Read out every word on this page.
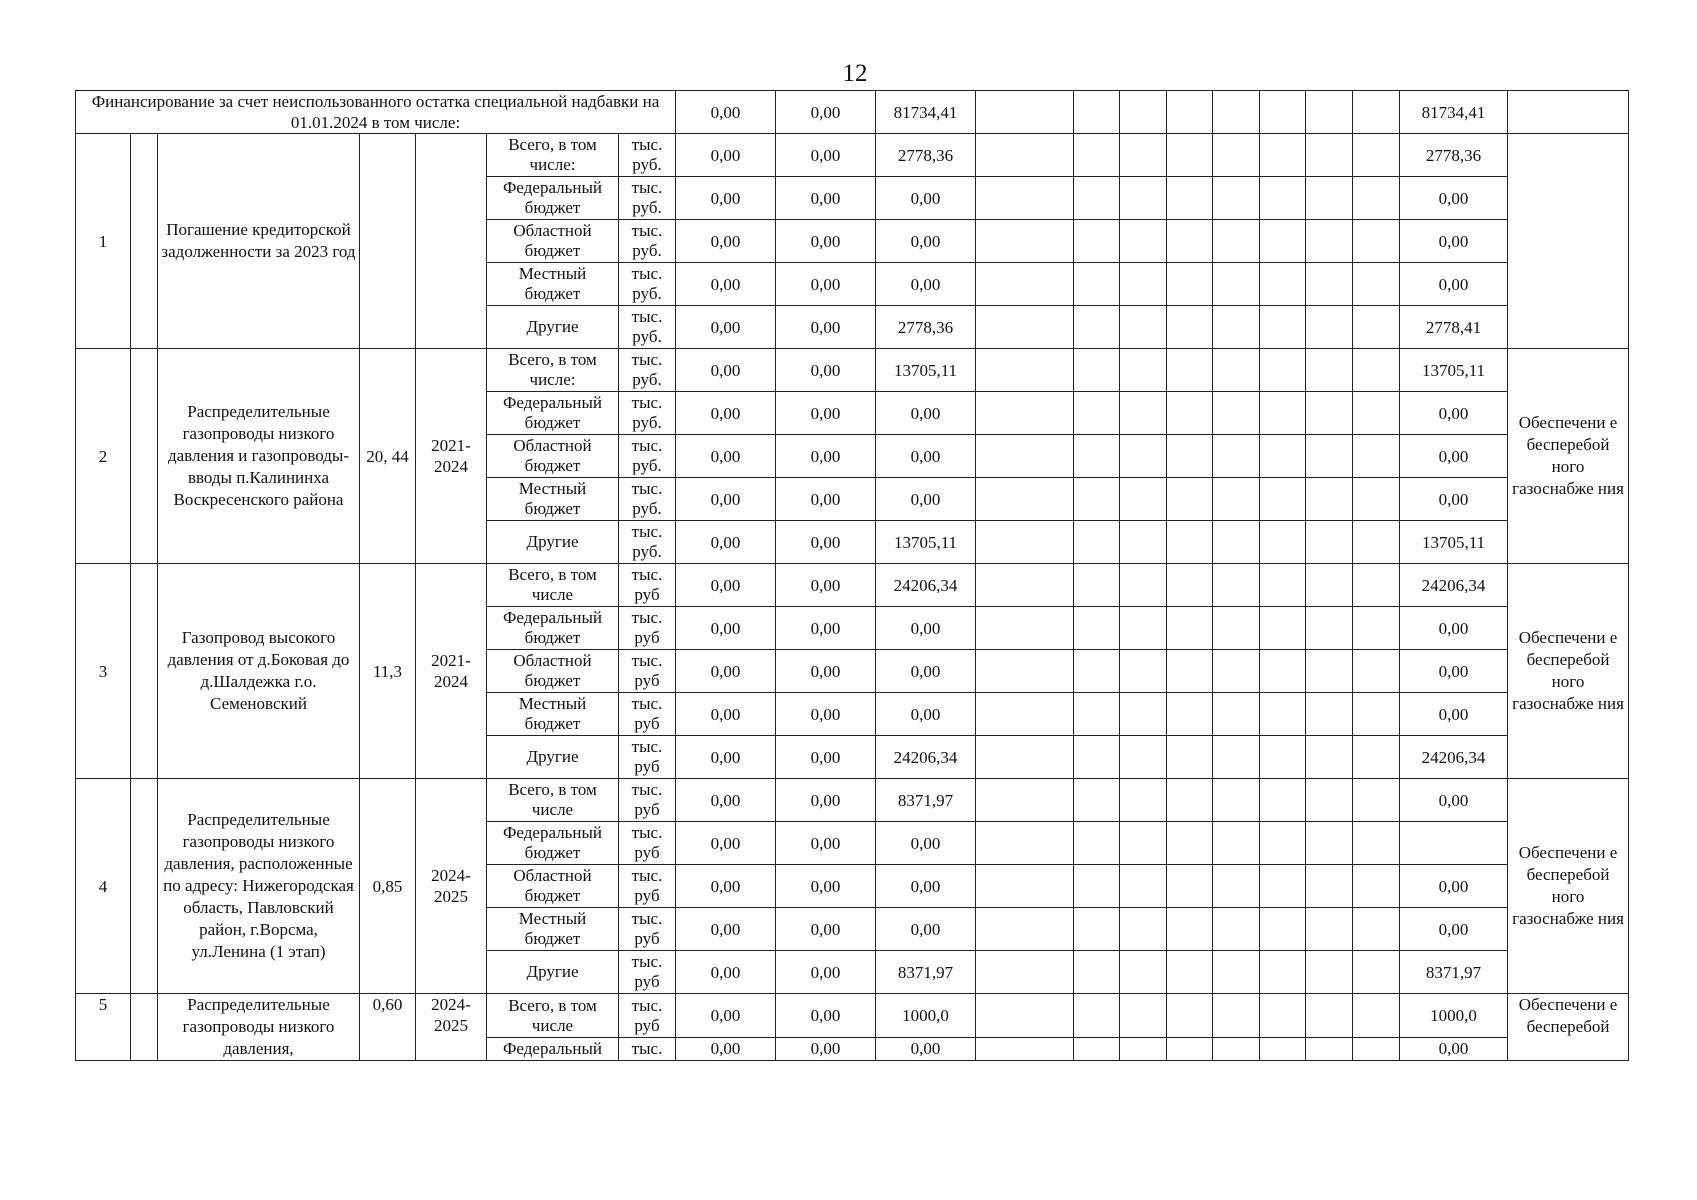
12
Финансирование за счет неиспользованного остатка специальной надбавки на 01.01.2024 в том числе:							0,00	0,00	81734,41									81734,41	
1		Погашение кредиторской задолженности за 2023 год			Всего, в том числе:	тыс. руб.	0,00	0,00	2778,36									2778,36	
					Федеральный бюджет	тыс. руб.	0,00	0,00	0,00									0,00	
					Областной бюджет	тыс. руб.	0,00	0,00	0,00									0,00	
					Местный бюджет	тыс. руб.	0,00	0,00	0,00									0,00	
					Другие	тыс. руб.	0,00	0,00	2778,36									2778,41	
2		Распределительные газопроводы низкого давления и газопроводы-вводы п.Калининха Воскресенского района	20, 44	2021-2024	Всего, в том числе:	тыс. руб.	0,00	0,00	13705,11									13705,11	Обеспечени е бесперебой ного газоснабже ния
					Федеральный бюджет	тыс. руб.	0,00	0,00	0,00									0,00	
					Областной бюджет	тыс. руб.	0,00	0,00	0,00									0,00	
					Местный бюджет	тыс. руб.	0,00	0,00	0,00									0,00	
					Другие	тыс. руб.	0,00	0,00	13705,11									13705,11	
3		Газопровод высокого давления от д.Боковая до д.Шалдежка г.о. Семеновский	11,3	2021-2024	Всего, в том числе	тыс. руб	0,00	0,00	24206,34									24206,34	Обеспечени е бесперебой ного газоснабже ния
					Федеральный бюджет	тыс. руб	0,00	0,00	0,00									0,00	
					Областной бюджет	тыс. руб	0,00	0,00	0,00									0,00	
					Местный бюджет	тыс. руб	0,00	0,00	0,00									0,00	
					Другие	тыс. руб	0,00	0,00	24206,34									24206,34	
4		Распределительные газопроводы низкого давления, расположенные по адресу: Нижегородская область, Павловский район, г.Ворсма, ул.Ленина (1 этап)	0,85	2024-2025	Всего, в том числе	тыс. руб	0,00	0,00	8371,97									0,00	Обеспечени е бесперебой ного газоснабже ния
					Федеральный бюджет	тыс. руб	0,00	0,00	0,00										
					Областной бюджет	тыс. руб	0,00	0,00	0,00									0,00	
					Местный бюджет	тыс. руб	0,00	0,00	0,00									0,00	
					Другие	тыс. руб	0,00	0,00	8371,97									8371,97	
5		Распределительные газопроводы низкого давления,	0,60	2024-2025	Всего, в том числе	тыс. руб	0,00	0,00	1000,0									1000,0	Обеспечени е бесперебой
					Федеральный	тыс.	0,00	0,00	0,00									0,00	
